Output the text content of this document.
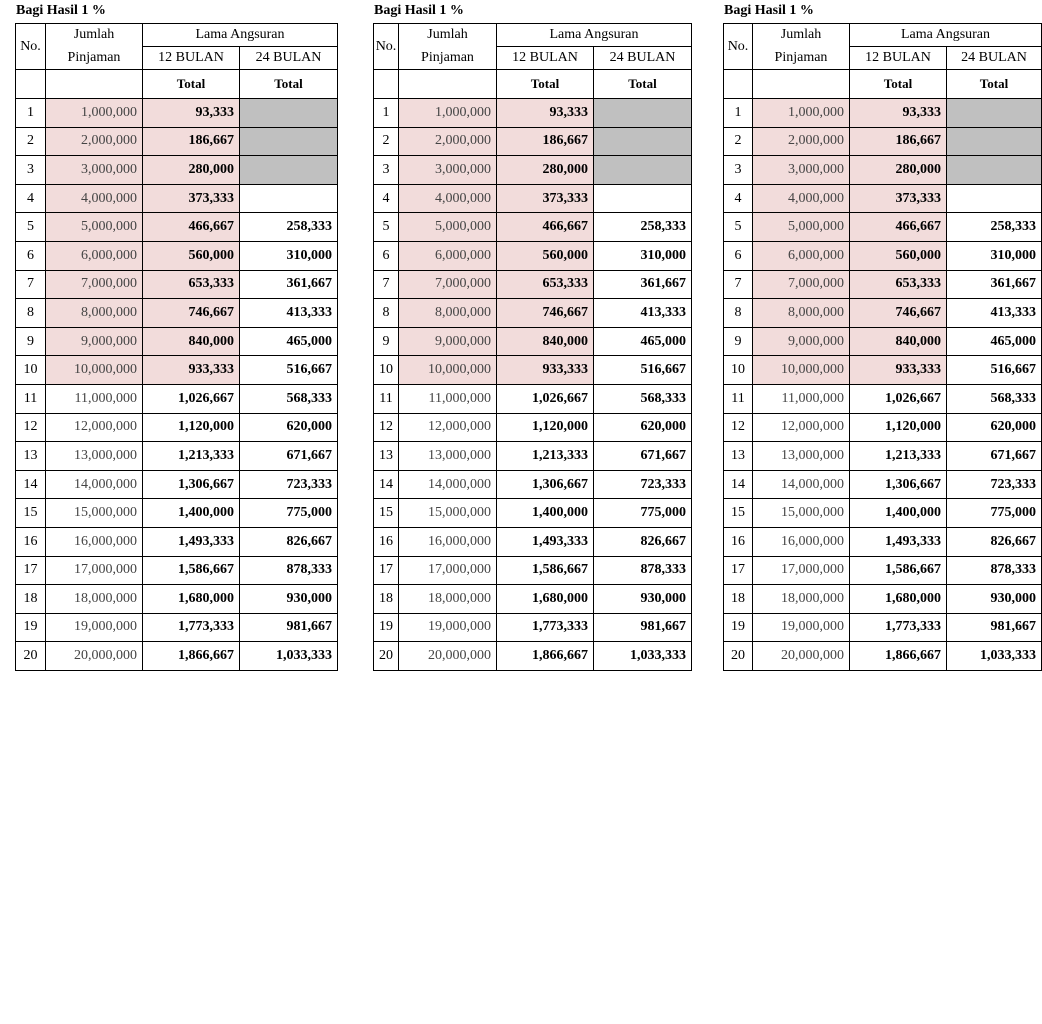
Bagi Hasil 1 %
No.	Jumlah	Lama Angsuran	
	Pinjaman	12 BULAN	24 BULAN
		Total	Total
1	1,000,000	93,333	
2	2,000,000	186,667	
3	3,000,000	280,000	
4	4,000,000	373,333	
5	5,000,000	466,667	258,333
6	6,000,000	560,000	310,000
7	7,000,000	653,333	361,667
8	8,000,000	746,667	413,333
9	9,000,000	840,000	465,000
10	10,000,000	933,333	516,667
11	11,000,000	1,026,667	568,333
12	12,000,000	1,120,000	620,000
13	13,000,000	1,213,333	671,667
14	14,000,000	1,306,667	723,333
15	15,000,000	1,400,000	775,000
16	16,000,000	1,493,333	826,667
17	17,000,000	1,586,667	878,333
18	18,000,000	1,680,000	930,000
19	19,000,000	1,773,333	981,667
20	20,000,000	1,866,667	1,033,333
Bagi Hasil 1 %
No.	Jumlah	Lama Angsuran	
	Pinjaman	12 BULAN	24 BULAN
		Total	Total
1	1,000,000	93,333	
2	2,000,000	186,667	
3	3,000,000	280,000	
4	4,000,000	373,333	
5	5,000,000	466,667	258,333
6	6,000,000	560,000	310,000
7	7,000,000	653,333	361,667
8	8,000,000	746,667	413,333
9	9,000,000	840,000	465,000
10	10,000,000	933,333	516,667
11	11,000,000	1,026,667	568,333
12	12,000,000	1,120,000	620,000
13	13,000,000	1,213,333	671,667
14	14,000,000	1,306,667	723,333
15	15,000,000	1,400,000	775,000
16	16,000,000	1,493,333	826,667
17	17,000,000	1,586,667	878,333
18	18,000,000	1,680,000	930,000
19	19,000,000	1,773,333	981,667
20	20,000,000	1,866,667	1,033,333
Bagi Hasil 1 %
No.	Jumlah	Lama Angsuran	
	Pinjaman	12 BULAN	24 BULAN
		Total	Total
1	1,000,000	93,333	
2	2,000,000	186,667	
3	3,000,000	280,000	
4	4,000,000	373,333	
5	5,000,000	466,667	258,333
6	6,000,000	560,000	310,000
7	7,000,000	653,333	361,667
8	8,000,000	746,667	413,333
9	9,000,000	840,000	465,000
10	10,000,000	933,333	516,667
11	11,000,000	1,026,667	568,333
12	12,000,000	1,120,000	620,000
13	13,000,000	1,213,333	671,667
14	14,000,000	1,306,667	723,333
15	15,000,000	1,400,000	775,000
16	16,000,000	1,493,333	826,667
17	17,000,000	1,586,667	878,333
18	18,000,000	1,680,000	930,000
19	19,000,000	1,773,333	981,667
20	20,000,000	1,866,667	1,033,333
